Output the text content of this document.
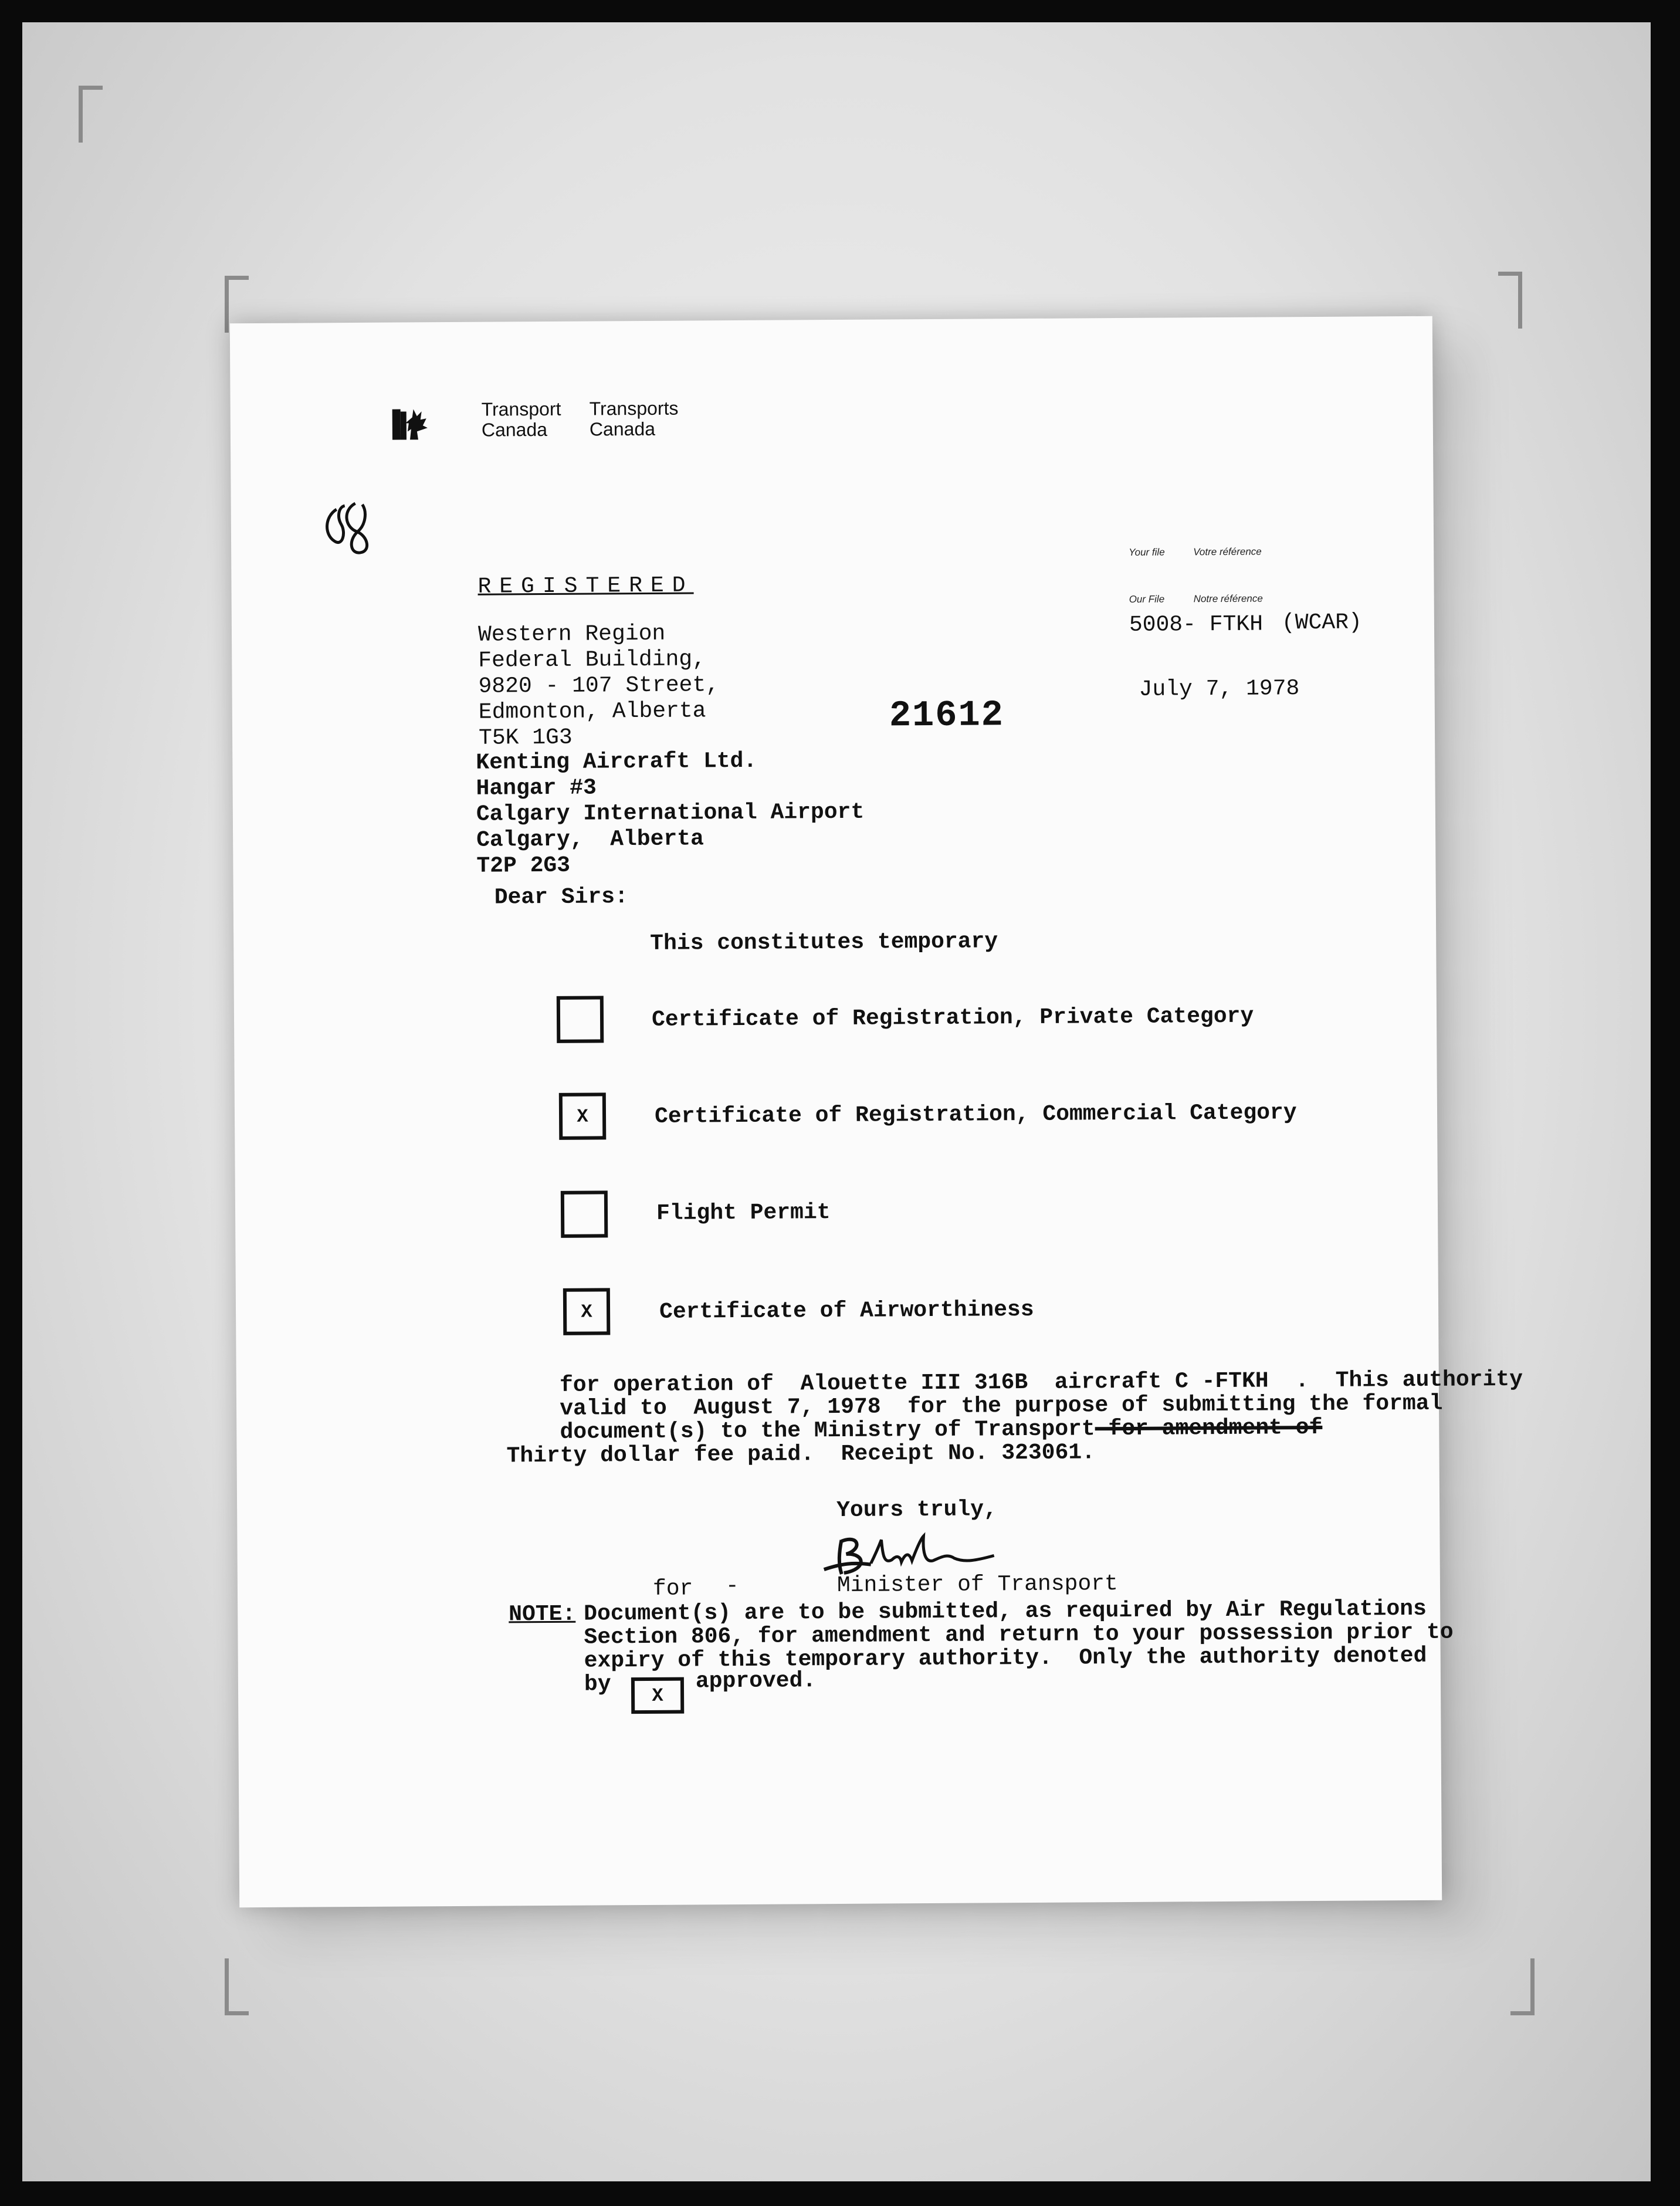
Transport
Canada
Transports
Canada
Your file	Votre référence
Our File	Notre référence
5008- FTKH (WCAR)
July 7, 1978
REGISTERED
Western Region
Federal Building,
9820 - 107 Street,
Edmonton, Alberta
T5K 1G3
21612
Kenting Aircraft Ltd.
Hangar #3
Calgary International Airport
Calgary,  Alberta
T2P 2G3
Dear Sirs:
This constitutes temporary
Certificate of Registration, Private Category
X	Certificate of Registration, Commercial Category
Flight Permit
X	Certificate of Airworthiness

for operation of Alouette III 316B aircraft C -FTKH .  This authority

valid to August 7, 1978 for the purpose of submitting the formal

document(s) to the Ministry of Transport-for amendment of

Thirty dollar fee paid.  Receipt No. 323061.
Yours truly,
for -	Minister of Transport
NOTE: Document(s) are to be submitted, as required by Air Regulations
Section 806, for amendment and return to your possession prior to
expiry of this temporary authority.  Only the authority denoted
by	X
approved.
